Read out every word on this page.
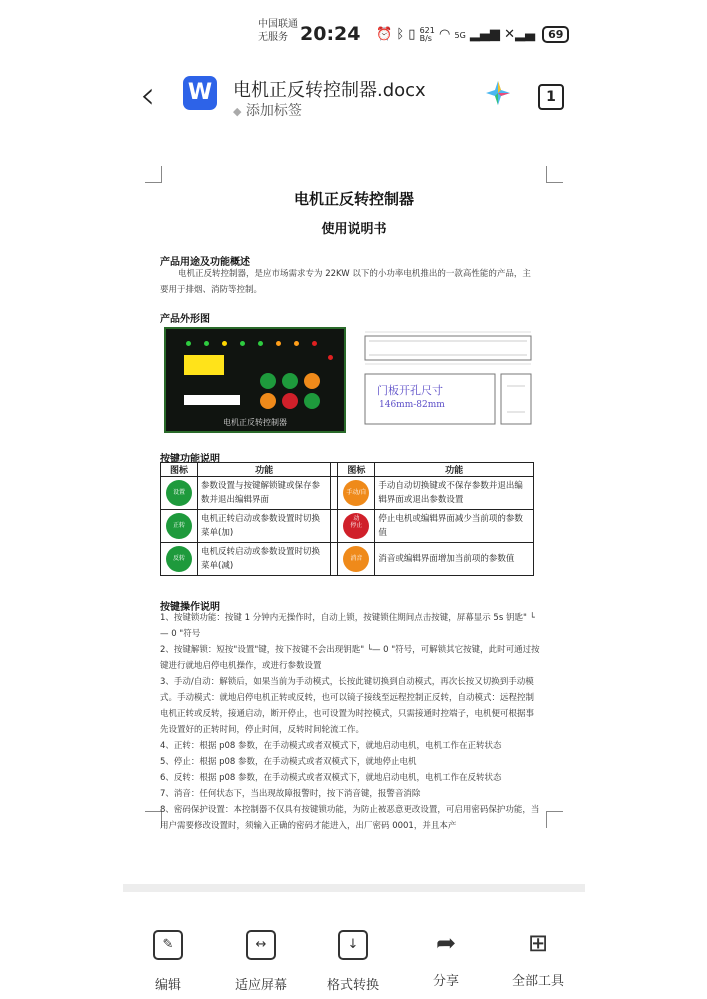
中国联通
无服务 20:24 ⏰ ᛒ ▯ 621
B/s ◠ 5G ▂▄▆ ✕▂▄ 69
‹ W 电机正反转控制器.docx
◆ 添加标签
1
电机正反转控制器
使用说明书
产品用途及功能概述
电机正反转控制器，是应市场需求专为 22KW 以下的小功率电机推出的一款高性能的产品，主要用于排烟、消防等控制。
产品外形图
电机正反转控制器
门板开孔尺寸
146mm-82mm
按键功能说明
图标	功能		图标	功能

设置	参数设置与按键解锁键或保存参数并退出编辑界面		手动/自	手动自动切换键或不保存参数并退出编辑界面或退出参数设置

正转	电机正转启动或参数设置时切换菜单(加)		停止	停止电机或编辑界面减少当前项的参数值

反转	电机反转启动或参数设置时切换菜单(减)		消音	消音或编辑界面增加当前项的参数值
按键操作说明
1、按键锁功能：按键 1 分钟内无操作时，自动上锁，按键锁住期间点击按键，屏幕显示 5s 钥匙" └— 0 "符号
2、按键解锁：短按"设置"键，按下按键不会出现钥匙" └— 0 "符号，可解锁其它按键，此时可通过按键进行就地启停电机操作，或进行参数设置
3、手动/自动：解锁后，如果当前为手动模式，长按此键切换到自动模式，再次长按又切换到手动模式。手动模式：就地启停电机正转或反转，也可以镜子接线至远程控制正反转，自动模式：远程控制电机正转或反转，接通启动，断开停止，也可设置为时控模式，只需接通时控端子，电机便可根据事先设置好的正转时间，停止时间，反转时间轮流工作。
4、正转：根据 p08 参数，在手动模式或者双模式下，就地启动电机，电机工作在正转状态
5、停止：根据 p08 参数，在手动模式或者双模式下，就地停止电机
6、反转：根据 p08 参数，在手动模式或者双模式下，就地启动电机，电机工作在反转状态
7、消音：任何状态下，当出现故障报警时，按下消音键，报警音消除
8、密码保护设置：本控制器不仅具有按键锁功能，为防止被恶意更改设置，可启用密码保护功能，当用户需要修改设置时，须输入正确的密码才能进入，出厂密码 0001，并且本产
✎
编辑
↔
适应屏幕
↓
格式转换
➦
分享
⊞
全部工具
